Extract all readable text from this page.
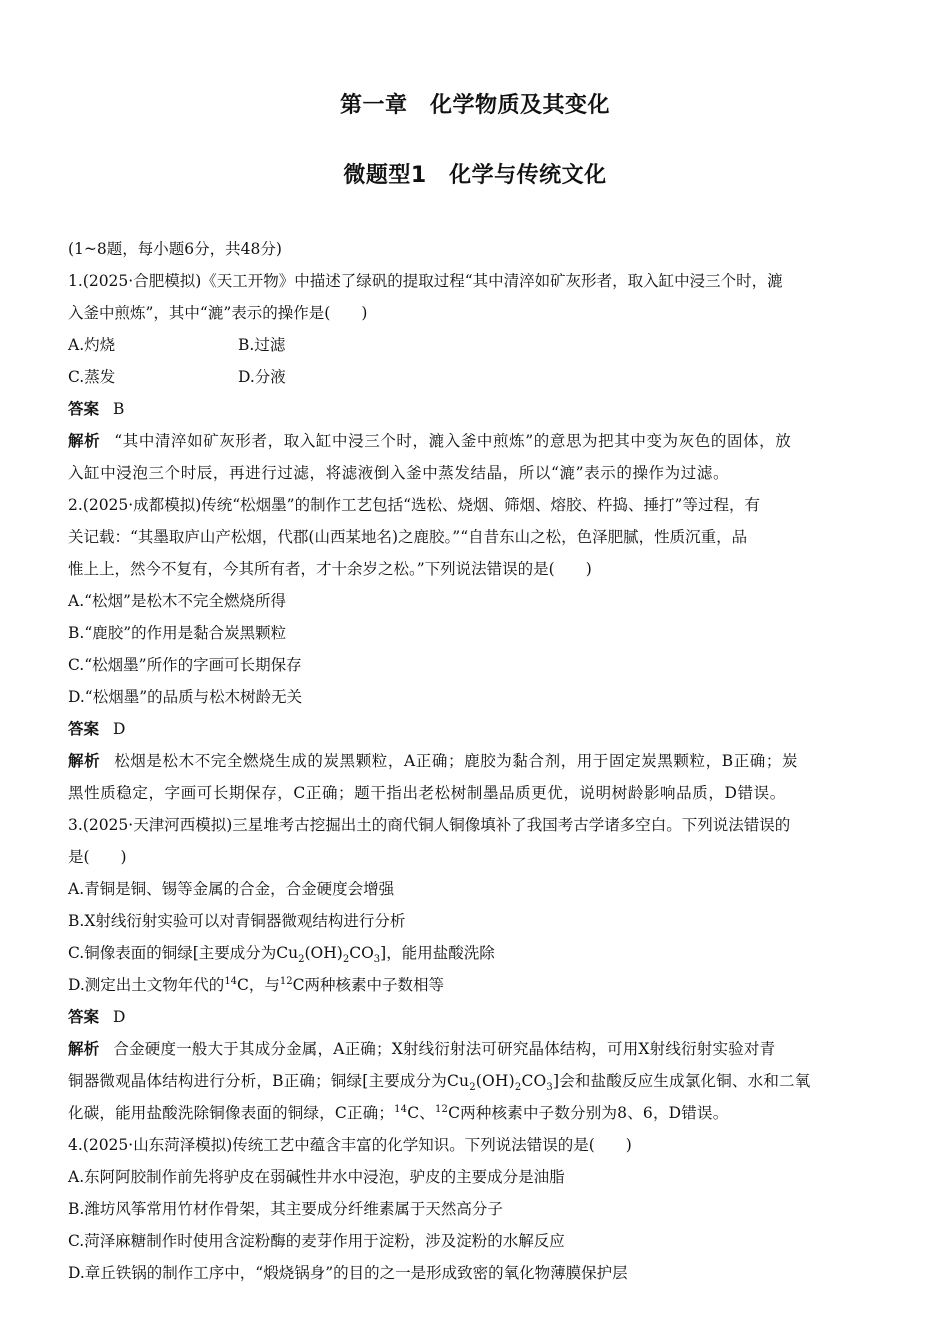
第一章　化学物质及其变化
微题型1　化学与传统文化
(1~8题，每小题6分，共48分)
1.(2025·合肥模拟)《天工开物》中描述了绿矾的提取过程“其中清淬如矿灰形者，取入缸中浸三个时，漉
入釜中煎炼”，其中“漉”表示的操作是(　　)
A.灼烧	B.过滤
C.蒸发	D.分液
答案 B
解析 “其中清淬如矿灰形者，取入缸中浸三个时，漉入釜中煎炼”的意思为把其中变为灰色的固体，放
入缸中浸泡三个时辰，再进行过滤，将滤液倒入釜中蒸发结晶，所以“漉”表示的操作为过滤。
2.(2025·成都模拟)传统“松烟墨”的制作工艺包括“选松、烧烟、筛烟、熔胶、杵捣、捶打”等过程，有
关记载：“其墨取庐山产松烟，代郡(山西某地名)之鹿胶。”“自昔东山之松，色泽肥腻，性质沉重，品
惟上上，然今不复有，今其所有者，才十余岁之松。”下列说法错误的是(　　)
A.“松烟”是松木不完全燃烧所得
B.“鹿胶”的作用是黏合炭黑颗粒
C.“松烟墨”所作的字画可长期保存
D.“松烟墨”的品质与松木树龄无关
答案 D
解析 松烟是松木不完全燃烧生成的炭黑颗粒，A正确；鹿胶为黏合剂，用于固定炭黑颗粒，B正确；炭
黑性质稳定，字画可长期保存，C正确；题干指出老松树制墨品质更优，说明树龄影响品质，D错误。
3.(2025·天津河西模拟)三星堆考古挖掘出土的商代铜人铜像填补了我国考古学诸多空白。下列说法错误的
是(　　)
A.青铜是铜、锡等金属的合金，合金硬度会增强
B.X射线衍射实验可以对青铜器微观结构进行分析
C.铜像表面的铜绿[主要成分为$Cu_2(OH)_2CO_3$]，能用盐酸洗除
D.测定出土文物年代的$^{14}$C，与$^{12}$C两种核素中子数相等
答案 D
解析 合金硬度一般大于其成分金属，A正确；X射线衍射法可研究晶体结构，可用X射线衍射实验对青
铜器微观晶体结构进行分析，B正确；铜绿[主要成分为$Cu_2(OH)_2CO_3$]会和盐酸反应生成氯化铜、水和二氧
化碳，能用盐酸洗除铜像表面的铜绿，C正确；$^{14}$C、$^{12}$C两种核素中子数分别为8、6，D错误。
4.(2025·山东菏泽模拟)传统工艺中蕴含丰富的化学知识。下列说法错误的是(　　)
A.东阿阿胶制作前先将驴皮在弱碱性井水中浸泡，驴皮的主要成分是油脂
B.潍坊风筝常用竹材作骨架，其主要成分纤维素属于天然高分子
C.菏泽麻糖制作时使用含淀粉酶的麦芽作用于淀粉，涉及淀粉的水解反应
D.章丘铁锅的制作工序中，“煅烧锅身”的目的之一是形成致密的氧化物薄膜保护层
